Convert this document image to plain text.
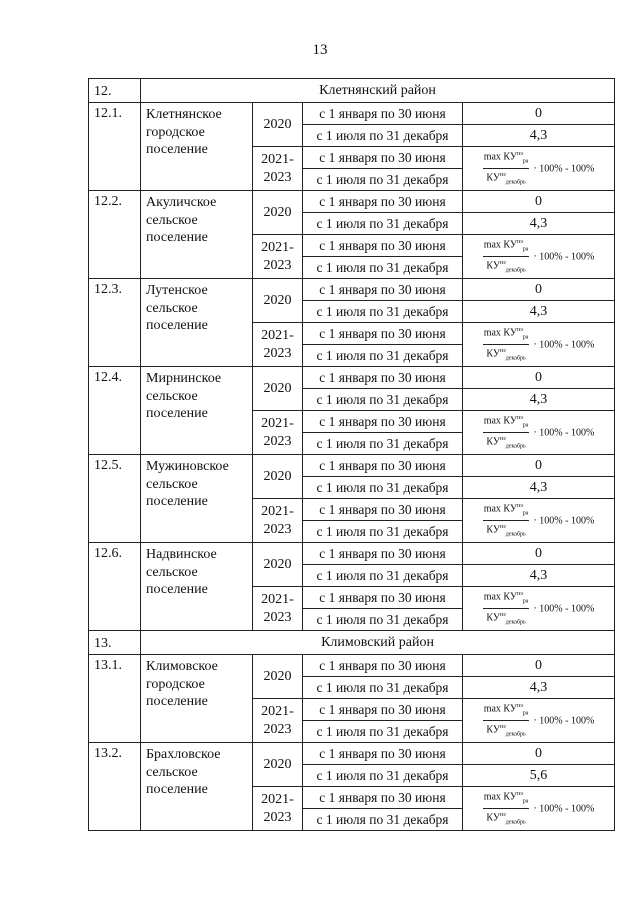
13
12.	Клетнянский район			
12.1.	Клетнянское городское поселение	2020	с 1 января по 30 июня	0
			с 1 июля по 31 декабря	4,3
		2021-2023	с 1 января по 30 июня	$\frac{\max КУ^{нэ}_{ра}}{КУ^{нэ}_{декабрь}} \cdot 100\% - 100\%$
			с 1 июля по 31 декабря	
12.2.	Акуличское сельское поселение	2020	с 1 января по 30 июня	0
			с 1 июля по 31 декабря	4,3
		2021-2023	с 1 января по 30 июня	$\frac{\max КУ^{нэ}_{ра}}{КУ^{нэ}_{декабрь}} \cdot 100\% - 100\%$
			с 1 июля по 31 декабря	
12.3.	Лутенское сельское поселение	2020	с 1 января по 30 июня	0
			с 1 июля по 31 декабря	4,3
		2021-2023	с 1 января по 30 июня	$\frac{\max КУ^{нэ}_{ра}}{КУ^{нэ}_{декабрь}} \cdot 100\% - 100\%$
			с 1 июля по 31 декабря	
12.4.	Мирнинское сельское поселение	2020	с 1 января по 30 июня	0
			с 1 июля по 31 декабря	4,3
		2021-2023	с 1 января по 30 июня	$\frac{\max КУ^{нэ}_{ра}}{КУ^{нэ}_{декабрь}} \cdot 100\% - 100\%$
			с 1 июля по 31 декабря	
12.5.	Мужиновское сельское поселение	2020	с 1 января по 30 июня	0
			с 1 июля по 31 декабря	4,3
		2021-2023	с 1 января по 30 июня	$\frac{\max КУ^{нэ}_{ра}}{КУ^{нэ}_{декабрь}} \cdot 100\% - 100\%$
			с 1 июля по 31 декабря	
12.6.	Надвинское сельское поселение	2020	с 1 января по 30 июня	0
			с 1 июля по 31 декабря	4,3
		2021-2023	с 1 января по 30 июня	$\frac{\max КУ^{нэ}_{ра}}{КУ^{нэ}_{декабрь}} \cdot 100\% - 100\%$
			с 1 июля по 31 декабря	
13.	Климовский район			
13.1.	Климовское городское поселение	2020	с 1 января по 30 июня	0
			с 1 июля по 31 декабря	4,3
		2021-2023	с 1 января по 30 июня	$\frac{\max КУ^{нэ}_{ра}}{КУ^{нэ}_{декабрь}} \cdot 100\% - 100\%$
			с 1 июля по 31 декабря	
13.2.	Брахловское сельское поселение	2020	с 1 января по 30 июня	0
			с 1 июля по 31 декабря	5,6
		2021-2023	с 1 января по 30 июня	$\frac{\max КУ^{нэ}_{ра}}{КУ^{нэ}_{декабрь}} \cdot 100\% - 100\%$
			с 1 июля по 31 декабря	
